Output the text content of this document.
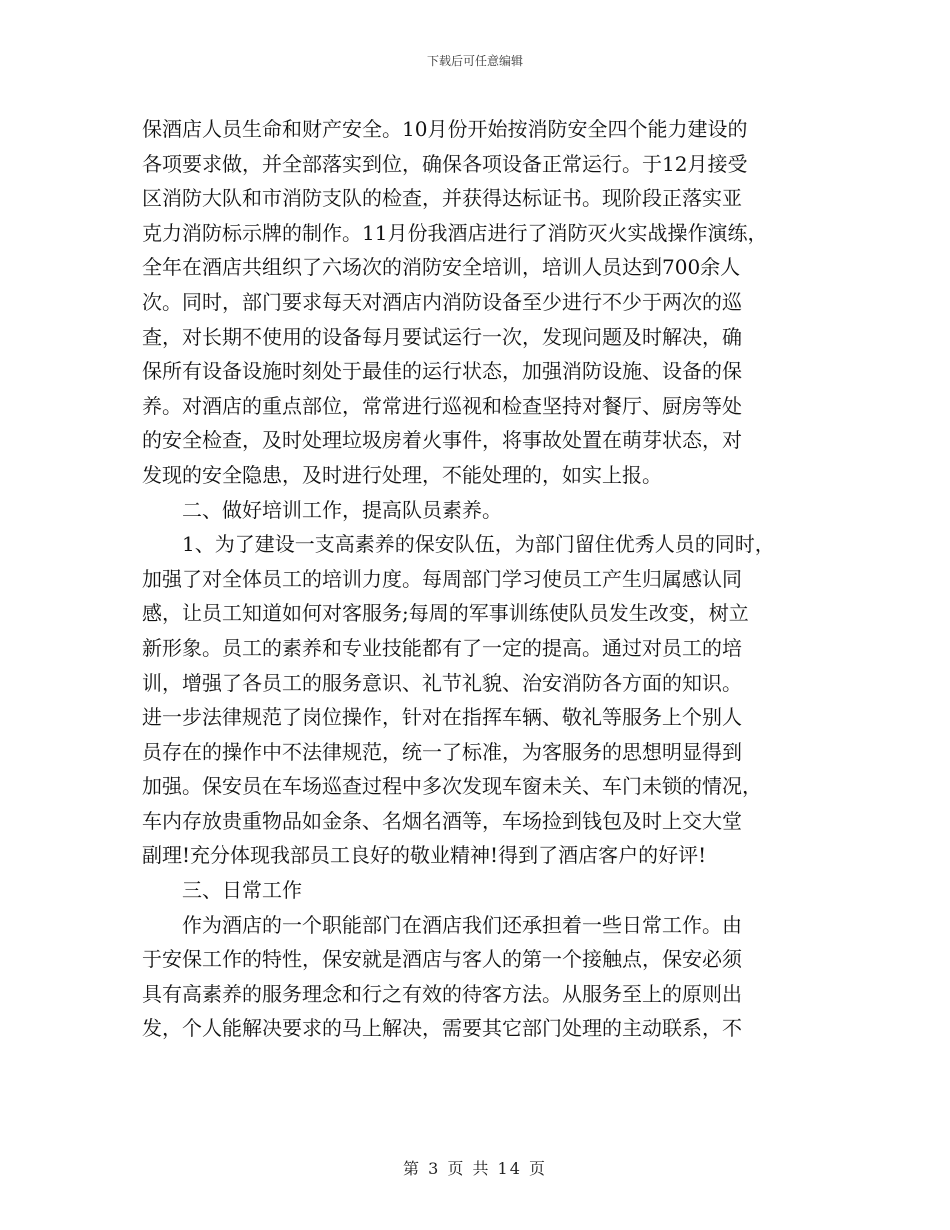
下载后可任意编辑
保酒店人员生命和财产安全。10月份开始按消防安全四个能力建设的
各项要求做，并全部落实到位，确保各项设备正常运行。于12月接受
区消防大队和市消防支队的检查，并获得达标证书。现阶段正落实亚
克力消防标示牌的制作。11月份我酒店进行了消防灭火实战操作演练，
全年在酒店共组织了六场次的消防安全培训，培训人员达到700余人
次。同时，部门要求每天对酒店内消防设备至少进行不少于两次的巡
查，对长期不使用的设备每月要试运行一次，发现问题及时解决，确
保所有设备设施时刻处于最佳的运行状态，加强消防设施、设备的保
养。对酒店的重点部位，常常进行巡视和检查坚持对餐厅、厨房等处
的安全检查，及时处理垃圾房着火事件，将事故处置在萌芽状态，对
发现的安全隐患，及时进行处理，不能处理的，如实上报。
二、做好培训工作，提高队员素养。
1、为了建设一支高素养的保安队伍，为部门留住优秀人员的同时，
加强了对全体员工的培训力度。每周部门学习使员工产生归属感认同
感，让员工知道如何对客服务;每周的军事训练使队员发生改变，树立
新形象。员工的素养和专业技能都有了一定的提高。通过对员工的培
训，增强了各员工的服务意识、礼节礼貌、治安消防各方面的知识。
进一步法律规范了岗位操作，针对在指挥车辆、敬礼等服务上个别人
员存在的操作中不法律规范，统一了标准，为客服务的思想明显得到
加强。保安员在车场巡查过程中多次发现车窗未关、车门未锁的情况，
车内存放贵重物品如金条、名烟名酒等，车场捡到钱包及时上交大堂
副理!充分体现我部员工良好的敬业精神!得到了酒店客户的好评!
三、日常工作
作为酒店的一个职能部门在酒店我们还承担着一些日常工作。由
于安保工作的特性，保安就是酒店与客人的第一个接触点，保安必须
具有高素养的服务理念和行之有效的待客方法。从服务至上的原则出
发，个人能解决要求的马上解决，需要其它部门处理的主动联系，不
第 3 页 共 14 页
